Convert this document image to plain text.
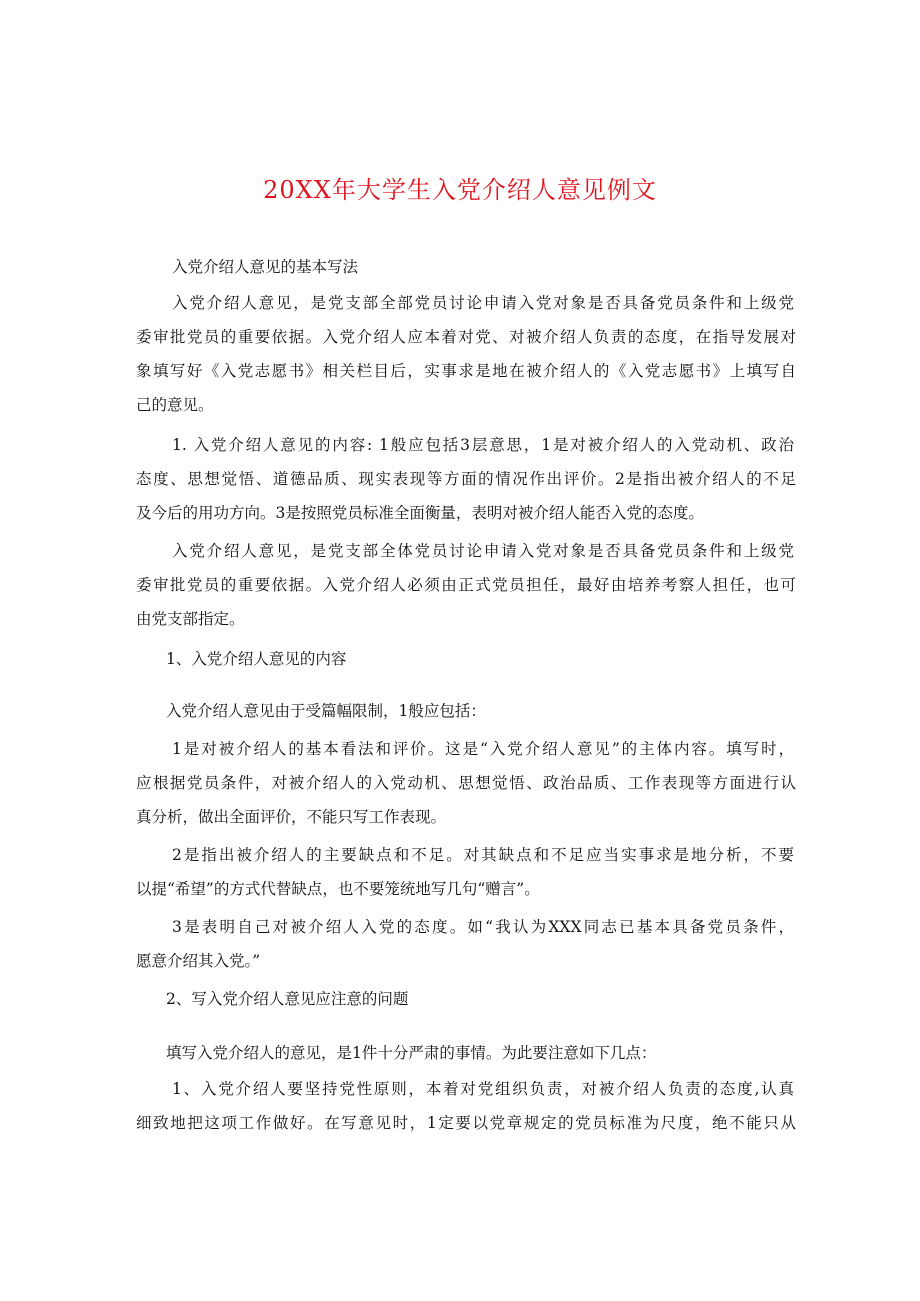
20XX年大学生入党介绍人意见例文
入党介绍人意见的基本写法
入党介绍人意见，是党支部全部党员讨论申请入党对象是否具备党员条件和上级党
委审批党员的重要依据。入党介绍人应本着对党、对被介绍人负责的态度，在指导发展对
象填写好《入党志愿书》相关栏目后，实事求是地在被介绍人的《入党志愿书》上填写自
己的意见。
1. 入党介绍人意见的内容: 1般应包括3层意思，1是对被介绍人的入党动机、政治
态度、思想觉悟、道德品质、现实表现等方面的情况作出评价。2是指出被介绍人的不足
及今后的用功方向。3是按照党员标准全面衡量，表明对被介绍人能否入党的态度。
入党介绍人意见，是党支部全体党员讨论申请入党对象是否具备党员条件和上级党
委审批党员的重要依据。入党介绍人必须由正式党员担任，最好由培养考察人担任，也可
由党支部指定。
1、入党介绍人意见的内容
入党介绍人意见由于受篇幅限制，1般应包括：
1是对被介绍人的基本看法和评价。这是“入党介绍人意见”的主体内容。填写时，
应根据党员条件，对被介绍人的入党动机、思想觉悟、政治品质、工作表现等方面进行认
真分析，做出全面评价，不能只写工作表现。
2是指出被介绍人的主要缺点和不足。对其缺点和不足应当实事求是地分析，不要
以提“希望”的方式代替缺点，也不要笼统地写几句“赠言”。
3是表明自己对被介绍人入党的态度。如“我认为XXX同志已基本具备党员条件，
愿意介绍其入党。”
2、写入党介绍人意见应注意的问题
填写入党介绍人的意见，是1件十分严肃的事情。为此要注意如下几点：
1、入党介绍人要坚持党性原则，本着对党组织负责，对被介绍人负责的态度,认真
细致地把这项工作做好。在写意见时，1定要以党章规定的党员标准为尺度，绝不能只从
